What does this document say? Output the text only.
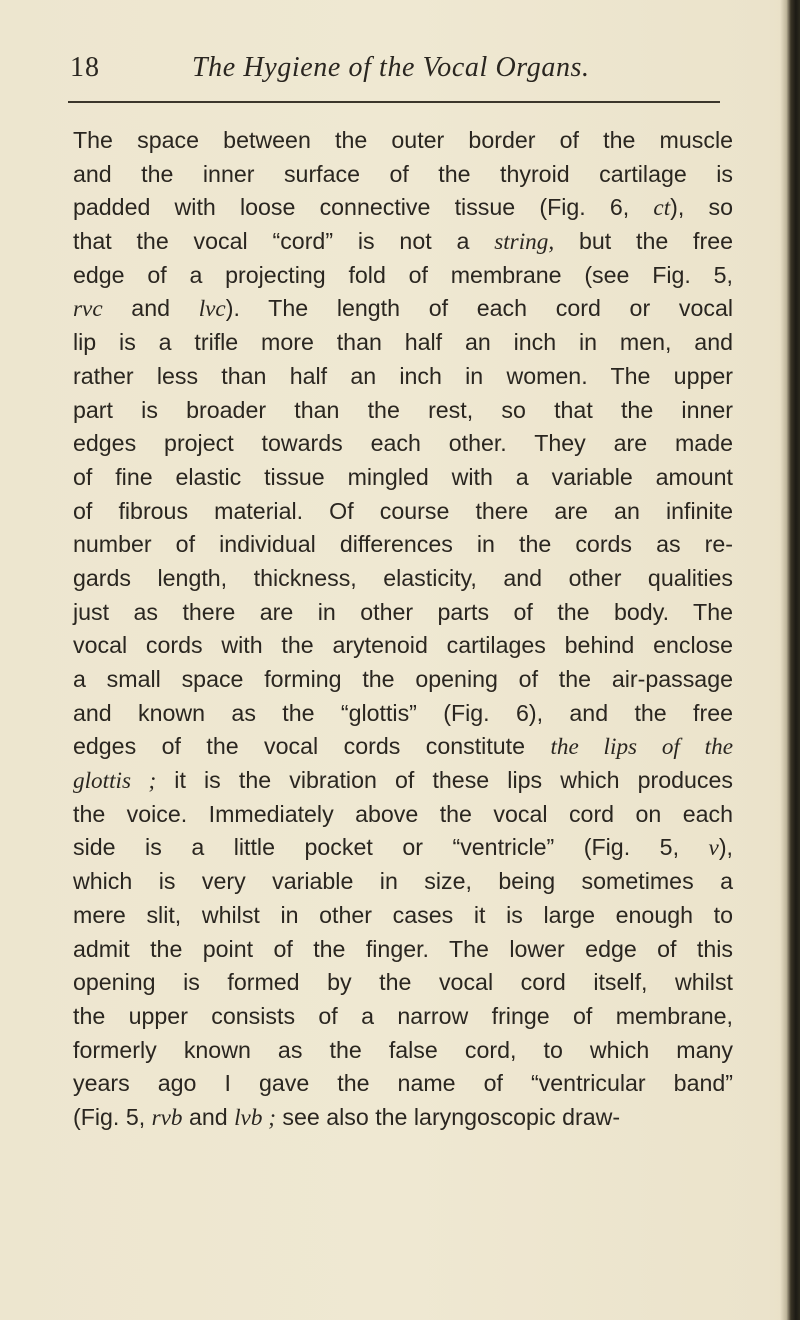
18	The Hygiene of the Vocal Organs.
The space between the outer border of the muscle
and the inner surface of the thyroid cartilage is
padded with loose connective tissue (Fig. 6, ct), so
that the vocal “cord” is not a string, but the free
edge of a projecting fold of membrane (see Fig. 5,
rvc and lvc). The length of each cord or vocal
lip is a trifle more than half an inch in men, and
rather less than half an inch in women. The upper
part is broader than the rest, so that the inner
edges project towards each other. They are made
of fine elastic tissue mingled with a variable amount
of fibrous material. Of course there are an infinite
number of individual differences in the cords as re-
gards length, thickness, elasticity, and other qualities
just as there are in other parts of the body. The
vocal cords with the arytenoid cartilages behind enclose
a small space forming the opening of the air-passage
and known as the “glottis” (Fig. 6), and the free
edges of the vocal cords constitute the lips of the
glottis ; it is the vibration of these lips which produces
the voice. Immediately above the vocal cord on each
side is a little pocket or “ventricle” (Fig. 5, v),
which is very variable in size, being sometimes a
mere slit, whilst in other cases it is large enough to
admit the point of the finger. The lower edge of this
opening is formed by the vocal cord itself, whilst
the upper consists of a narrow fringe of membrane,
formerly known as the false cord, to which many
years ago I gave the name of “ventricular band”
(Fig. 5, rvb and lvb ; see also the laryngoscopic draw-
